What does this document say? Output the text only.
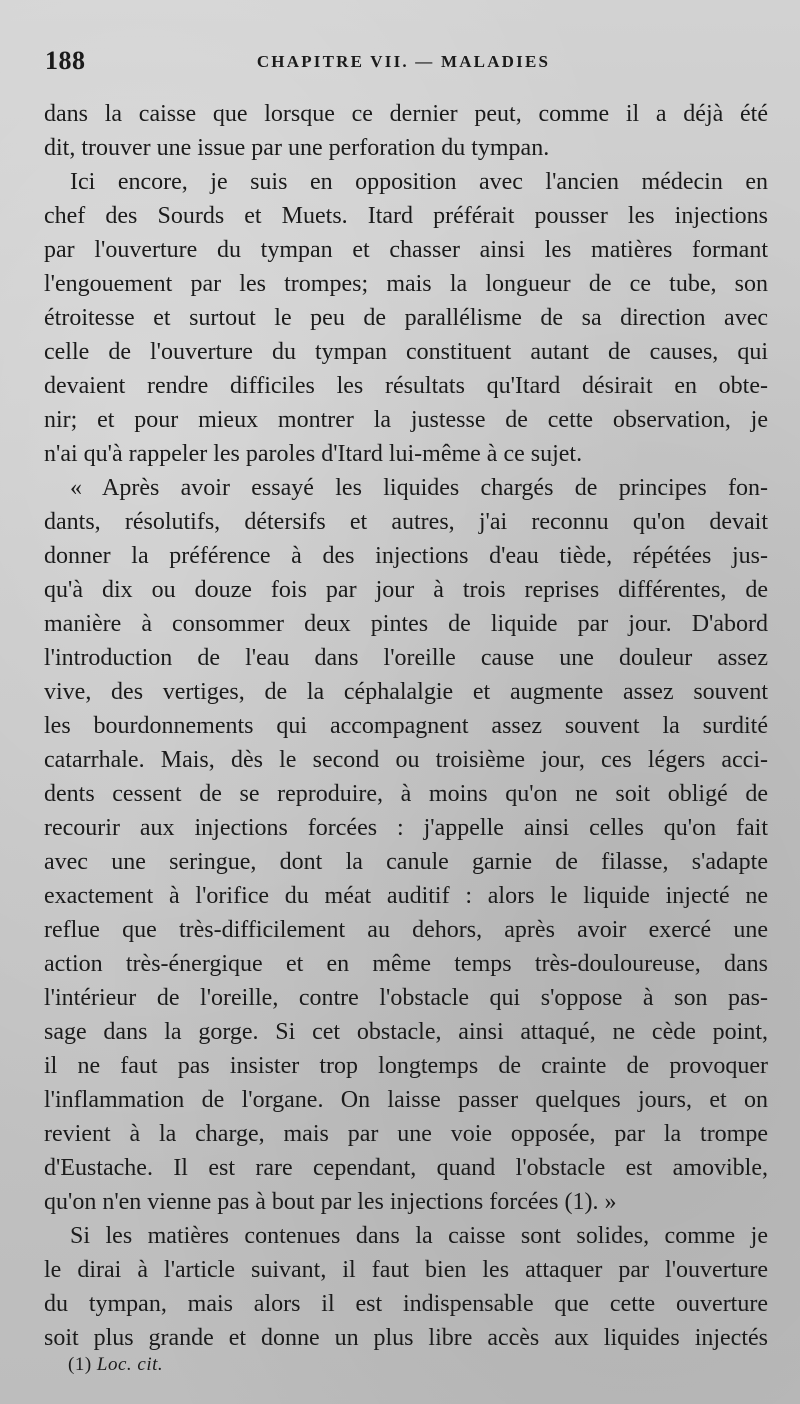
188	CHAPITRE VII. — MALADIES
dans la caisse que lorsque ce dernier peut, comme il a déjà été
dit, trouver une issue par une perforation du tympan.
Ici encore, je suis en opposition avec l'ancien médecin en
chef des Sourds et Muets. Itard préférait pousser les injections
par l'ouverture du tympan et chasser ainsi les matières formant
l'engouement par les trompes; mais la longueur de ce tube, son
étroitesse et surtout le peu de parallélisme de sa direction avec
celle de l'ouverture du tympan constituent autant de causes, qui
devaient rendre difficiles les résultats qu'Itard désirait en obte-
nir; et pour mieux montrer la justesse de cette observation, je
n'ai qu'à rappeler les paroles d'Itard lui-même à ce sujet.
« Après avoir essayé les liquides chargés de principes fon-
dants, résolutifs, détersifs et autres, j'ai reconnu qu'on devait
donner la préférence à des injections d'eau tiède, répétées jus-
qu'à dix ou douze fois par jour à trois reprises différentes, de
manière à consommer deux pintes de liquide par jour. D'abord
l'introduction de l'eau dans l'oreille cause une douleur assez
vive, des vertiges, de la céphalalgie et augmente assez souvent
les bourdonnements qui accompagnent assez souvent la surdité
catarrhale. Mais, dès le second ou troisième jour, ces légers acci-
dents cessent de se reproduire, à moins qu'on ne soit obligé de
recourir aux injections forcées : j'appelle ainsi celles qu'on fait
avec une seringue, dont la canule garnie de filasse, s'adapte
exactement à l'orifice du méat auditif : alors le liquide injecté ne
reflue que très-difficilement au dehors, après avoir exercé une
action très-énergique et en même temps très-douloureuse, dans
l'intérieur de l'oreille, contre l'obstacle qui s'oppose à son pas-
sage dans la gorge. Si cet obstacle, ainsi attaqué, ne cède point,
il ne faut pas insister trop longtemps de crainte de provoquer
l'inflammation de l'organe. On laisse passer quelques jours, et on
revient à la charge, mais par une voie opposée, par la trompe
d'Eustache. Il est rare cependant, quand l'obstacle est amovible,
qu'on n'en vienne pas à bout par les injections forcées (1). »
Si les matières contenues dans la caisse sont solides, comme je
le dirai à l'article suivant, il faut bien les attaquer par l'ouverture
du tympan, mais alors il est indispensable que cette ouverture
soit plus grande et donne un plus libre accès aux liquides injectés
(1) Loc. cit.
